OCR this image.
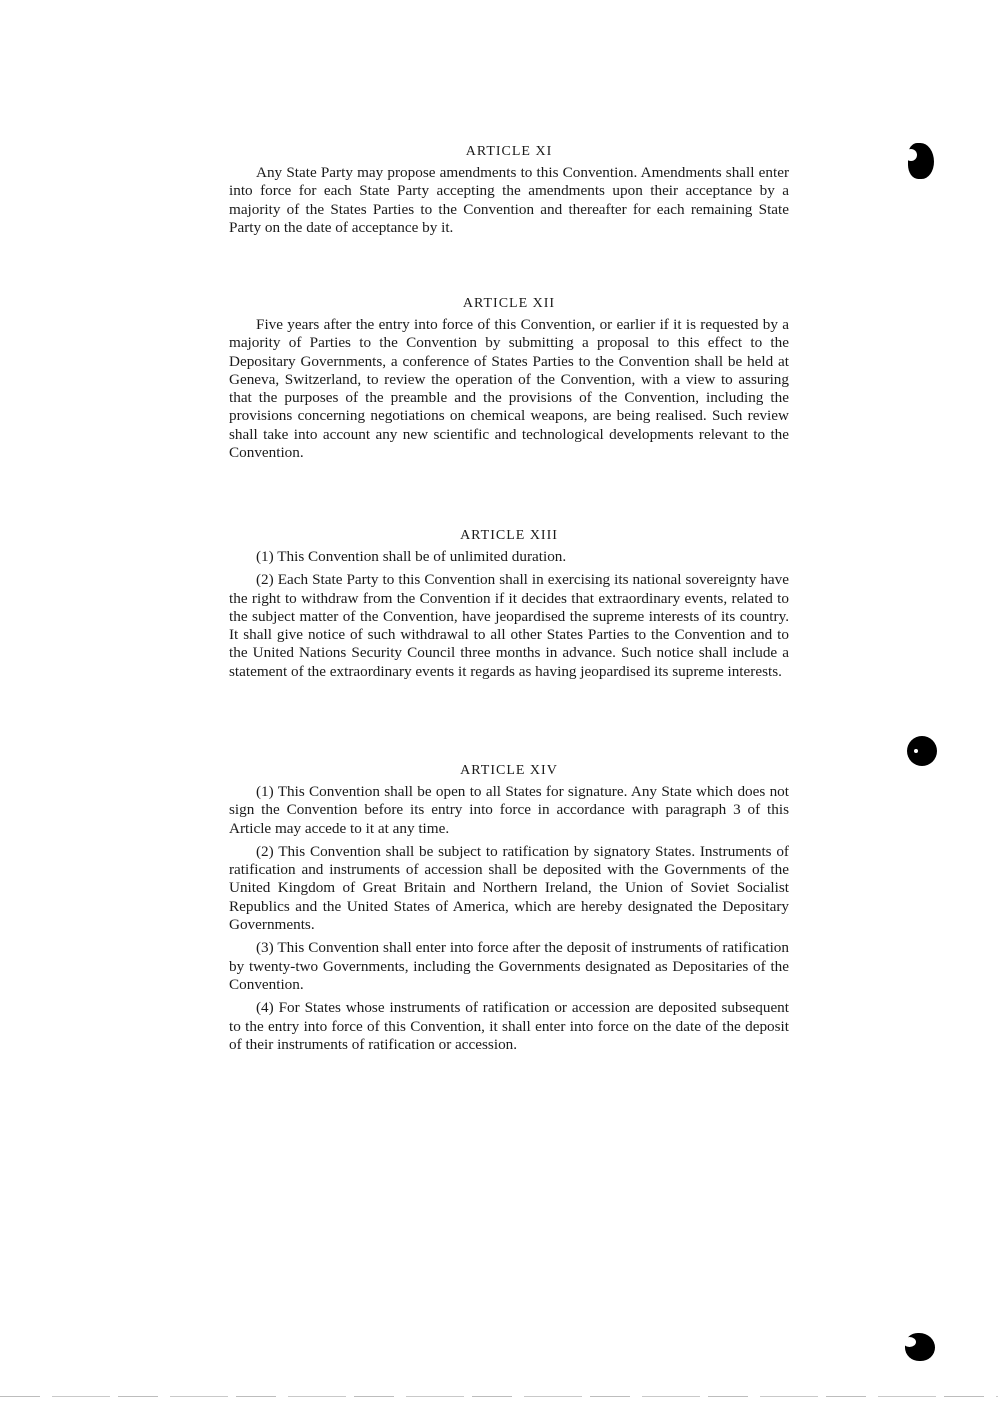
ARTICLE XI

Any State Party may propose amendments to this Convention. Amendments shall enter into force for each State Party accepting the amendments upon their acceptance by a majority of the States Parties to the Convention and thereafter for each remaining State Party on the date of acceptance by it.

ARTICLE XII

Five years after the entry into force of this Convention, or earlier if it is requested by a majority of Parties to the Convention by submitting a proposal to this effect to the Depositary Governments, a conference of States Parties to the Convention shall be held at Geneva, Switzerland, to review the operation of the Convention, with a view to assuring that the purposes of the preamble and the provisions of the Convention, including the provisions concerning negotiations on chemical weapons, are being realised. Such review shall take into account any new scientific and technological developments relevant to the Convention.

ARTICLE XIII

(1) This Convention shall be of unlimited duration.

(2) Each State Party to this Convention shall in exercising its national sovereignty have the right to withdraw from the Convention if it decides that extraordinary events, related to the subject matter of the Convention, have jeopardised the supreme interests of its country. It shall give notice of such withdrawal to all other States Parties to the Convention and to the United Nations Security Council three months in advance. Such notice shall include a statement of the extraordinary events it regards as having jeopardised its supreme interests.

ARTICLE XIV

(1) This Convention shall be open to all States for signature. Any State which does not sign the Convention before its entry into force in accordance with paragraph 3 of this Article may accede to it at any time.

(2) This Convention shall be subject to ratification by signatory States. Instruments of ratification and instruments of accession shall be deposited with the Governments of the United Kingdom of Great Britain and Northern Ireland, the Union of Soviet Socialist Republics and the United States of America, which are hereby designated the Depositary Governments.

(3) This Convention shall enter into force after the deposit of instruments of ratification by twenty-two Governments, including the Governments designated as Depositaries of the Convention.

(4) For States whose instruments of ratification or accession are deposited subsequent to the entry into force of this Convention, it shall enter into force on the date of the deposit of their instruments of ratification or accession.
